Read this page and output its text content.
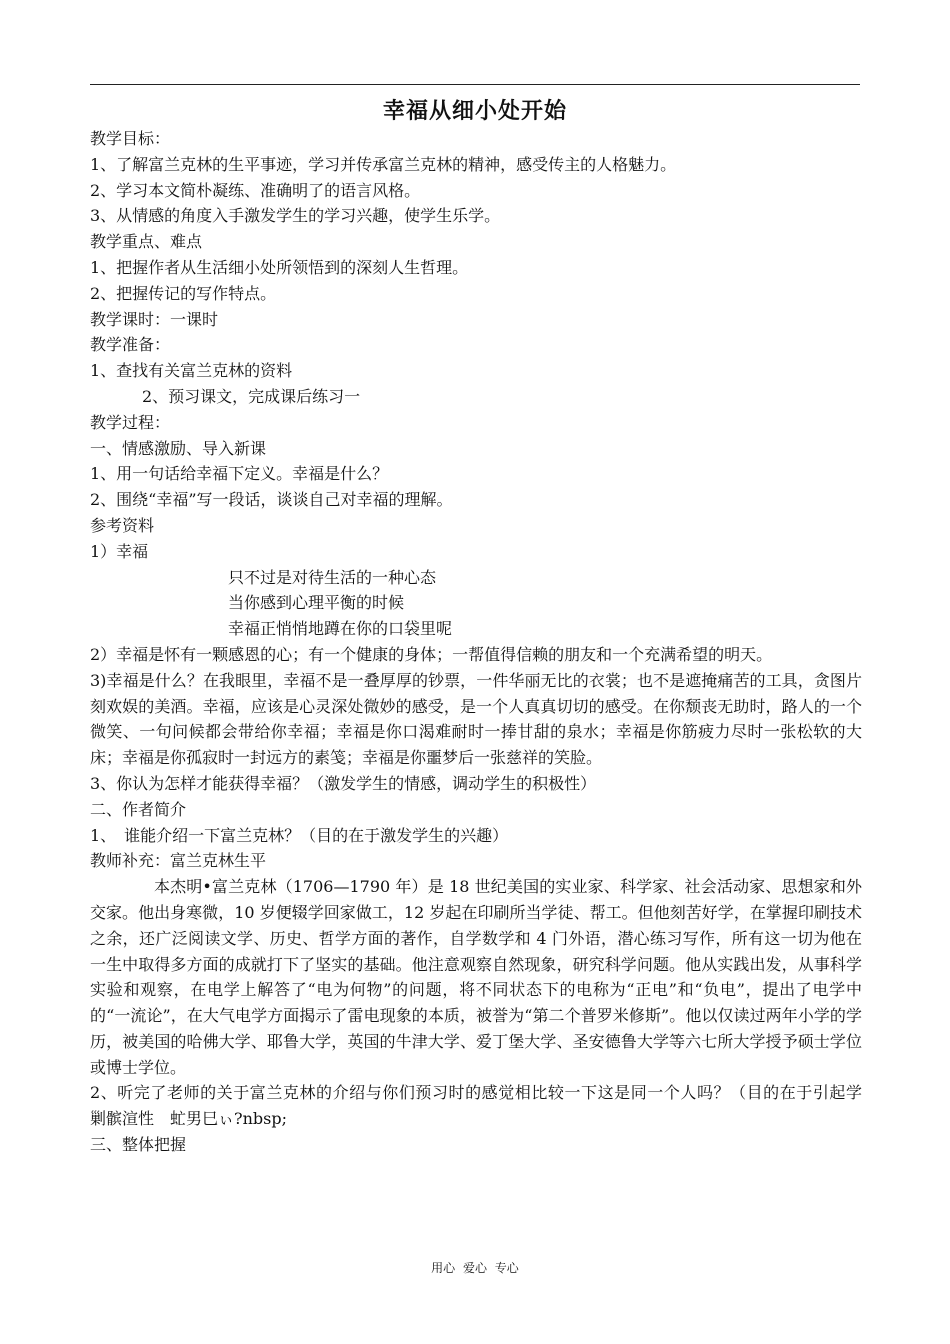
幸福从细小处开始

教学目标：

1、了解富兰克林的生平事迹，学习并传承富兰克林的精神，感受传主的人格魅力。

2、学习本文简朴凝练、准确明了的语言风格。

3、从情感的角度入手激发学生的学习兴趣，使学生乐学。

教学重点、难点

1、把握作者从生活细小处所领悟到的深刻人生哲理。

2、把握传记的写作特点。

教学课时：一课时

教学准备：

1、查找有关富兰克林的资料

2、预习课文，完成课后练习一

教学过程：

一、情感激励、导入新课

1、用一句话给幸福下定义。幸福是什么？

2、围绕“幸福”写一段话，谈谈自己对幸福的理解。

参考资料

1）幸福

只不过是对待生活的一种心态

当你感到心理平衡的时候

幸福正悄悄地蹲在你的口袋里呢

2）幸福是怀有一颗感恩的心；有一个健康的身体；一帮值得信赖的朋友和一个充满希望的明天。

3)幸福是什么？在我眼里，幸福不是一叠厚厚的钞票，一件华丽无比的衣裳；也不是遮掩痛苦的工具，贪图片刻欢娱的美酒。幸福，应该是心灵深处微妙的感受，是一个人真真切切的感受。在你颓丧无助时，路人的一个微笑、一句问候都会带给你幸福；幸福是你口渴难耐时一捧甘甜的泉水；幸福是你筋疲力尽时一张松软的大床；幸福是你孤寂时一封远方的素笺；幸福是你噩梦后一张慈祥的笑脸。

3、你认为怎样才能获得幸福？（激发学生的情感，调动学生的积极性）

二、作者简介

1、　谁能介绍一下富兰克林？（目的在于激发学生的兴趣）

教师补充：富兰克林生平

本杰明•富兰克林（1706—1790 年）是 18 世纪美国的实业家、科学家、社会活动家、思想家和外交家。他出身寒微，10 岁便辍学回家做工，12 岁起在印刷所当学徒、帮工。但他刻苦好学，在掌握印刷技术之余，还广泛阅读文学、历史、哲学方面的著作，自学数学和 4 门外语，潜心练习写作，所有这一切为他在一生中取得多方面的成就打下了坚实的基础。他注意观察自然现象，研究科学问题。他从实践出发，从事科学实验和观察，在电学上解答了“电为何物”的问题，将不同状态下的电称为“正电”和“负电”，提出了电学中的“一流论”，在大气电学方面揭示了雷电现象的本质，被誉为“第二个普罗米修斯”。他以仅读过两年小学的学历，被美国的哈佛大学、耶鲁大学，英国的牛津大学、爱丁堡大学、圣安德鲁大学等六七所大学授予硕士学位或博士学位。

2、听完了老师的关于富兰克林的介绍与你们预习时的感觉相比较一下这是同一个人吗？（目的在于引起学　剿髌渲性　虻男巳ぃ?nbsp;

三、整体把握

用心 爱心 专心
